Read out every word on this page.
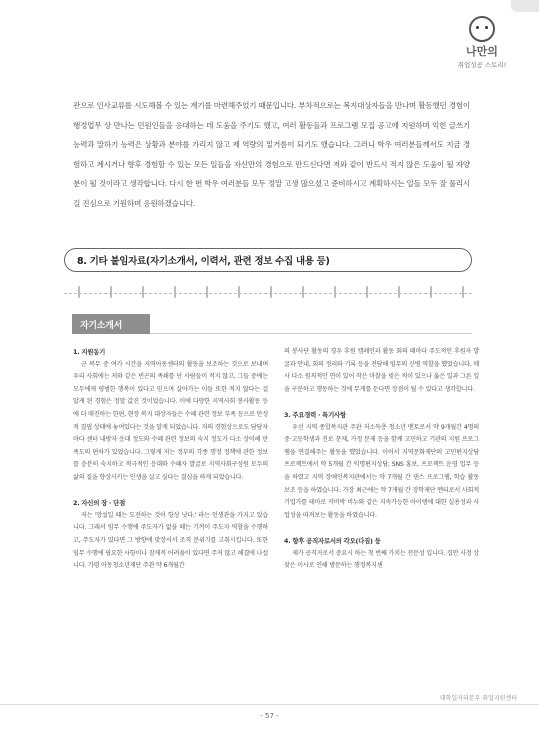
나만의
취업성공 스토리!

관으로 인사교류를 시도해볼 수 있는 계기를 마련해주었기 때문입니다. 부차적으로는 복지대상자들을 만나며 활동했던 경험이 행정업무 상 만나는 민원인들을 응대하는 데 도움을 주기도 했고, 여러 활동들과 프로그램 모집 공고에 지원하며 익힌 글쓰기 능력과 말하기 능력은 상황과 분야를 가리지 않고 제 역량의 밑거름이 되기도 했습니다. 그러니 학우 여러분들께서도 지금 경험하고 계시거나 향후 경험할 수 있는 모든 일들을 자신만의 경험으로 만드신다면 저와 같이 반드시 적지 않은 도움이 될 자양분이 될 것이라고 생각합니다. 다시 한 번 학우 여러분들 모두 정말 고생 많으셨고 준비하시고 계획하시는 일들 모두 잘 풀리시길 진심으로 기원하며 응원하겠습니다.

8. 기타 붙임자료(자기소개서, 이력서, 관련 정보 수집 내용 등)
자기소개서

1. 지원동기

군 복무 중 여가 시간을 지역아동센터의 활동을 보조하는 것으로 보내며 우리 사회에는 저와 같은 빈곤의 족쇄를 단 사람들이 적지 않고, 그들 중에는 모두에게 평범한 행복이 있다고 믿으며 살아가는 이들 또한 적지 않다는 걸 알게 된 경험은 정말 값진 것이었습니다. 이에 다양한 지역사회 봉사활동 등에 더 매진하는 한편, 현장 복지 대상자들은 수혜 관련 정보 부족 등으로 만성적 결핍 상태에 놓여있다는 것을 알게 되었습니다. 저의 경험상으로도 담당자마다 센터 내방자 응대 정도와 수혜 관련 정보의 숙지 정도가 다소 상이해 만족도의 편차가 있었습니다. 그렇게 저는 정부의 각종 행정 정책에 관한 정보를 충분히 숙지하고 적극적인 응대와 수혜자 발굴로 지역사회구성원 모두의 삶의 질을 향상시키는 인생을 살고 싶다는 결심을 하게 되었습니다.

2. 자신의 장 · 단점

저는 '망설일 때는 도전하는 것이 항상 낫다.' 라는 인생관을 가지고 있습니다. 그래서 임무 수행에 주도자가 없을 때는 기꺼이 주도자 역할을 수행하고, 주도자가 있다면 그 방향에 맞장서서 조직 분위기를 고취시킵니다. 또한 임무 수행에 필요한 사항이나 잠재적 어려움이 있다면 주저 않고 해결에 나섭니다. 가령 아동청소년재단 주관 약 6개월간

의 봉사단 활동의 경우 후원 캠페인과 활동 회의 때마다 주도적인 후원자 발굴과 안내, 회의 정리와 기록 등을 전담해 임무의 신병 역할을 했었습니다. 매사 다소 원칙적인 면이 있어 작은 마찰을 빚은 적이 있으나 옳은 일과 그른 일을 구분하고 행동하는 것에 무게를 둔다면 장점이 될 수 있다고 생각합니다.

3. 주요경력 · 특기사항

우선 지역 종합복지관 주관 저소득층 청소년 멘토로서 약 9개월간 4명의 중·고등학생과 진로 문제, 가정 문제 등을 함께 고민하고 기관의 지원 프로그램을 연결해주는 활동을 했었습니다. 이어서 지역문화재단의 고민편지상담 프로젝트에서 약 5개월 간 익명편지상담, SNS 홍보, 프로젝트 운영 업무 등을 하였고 지역 장애인복지관에서는 약 7개월 간 댄스 프로그램, 학습 활동 보조 등을 하였습니다. 가장 최근에는 약 7개월 간 장학재단 멘티로서 사회적 기업가를 테마로 커비박 비누와 같은 지속가능한 아이템에 대한 실용성과 사업성을 따져보는 활동을 하였습니다.

4. 향후 공직자로서의 각오(다짐) 등

제가 공직자로서 중요시 하는 첫 번째 가치는 전문성 입니다. 집안 사정 상 잦은 이사로 인해 방문하는 행정복지센

대학일자리본부 취업지원센터
- 57 -
